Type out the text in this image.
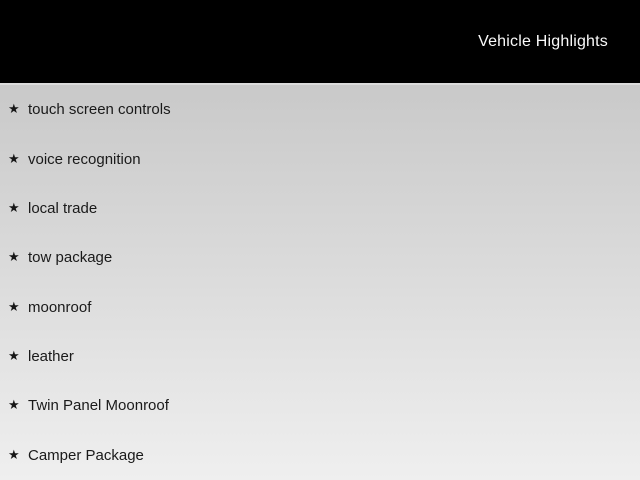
Vehicle Highlights
★ touch screen controls
★ voice recognition
★ local trade
★ tow package
★ moonroof
★ leather
★ Twin Panel Moonroof
★ Camper Package
